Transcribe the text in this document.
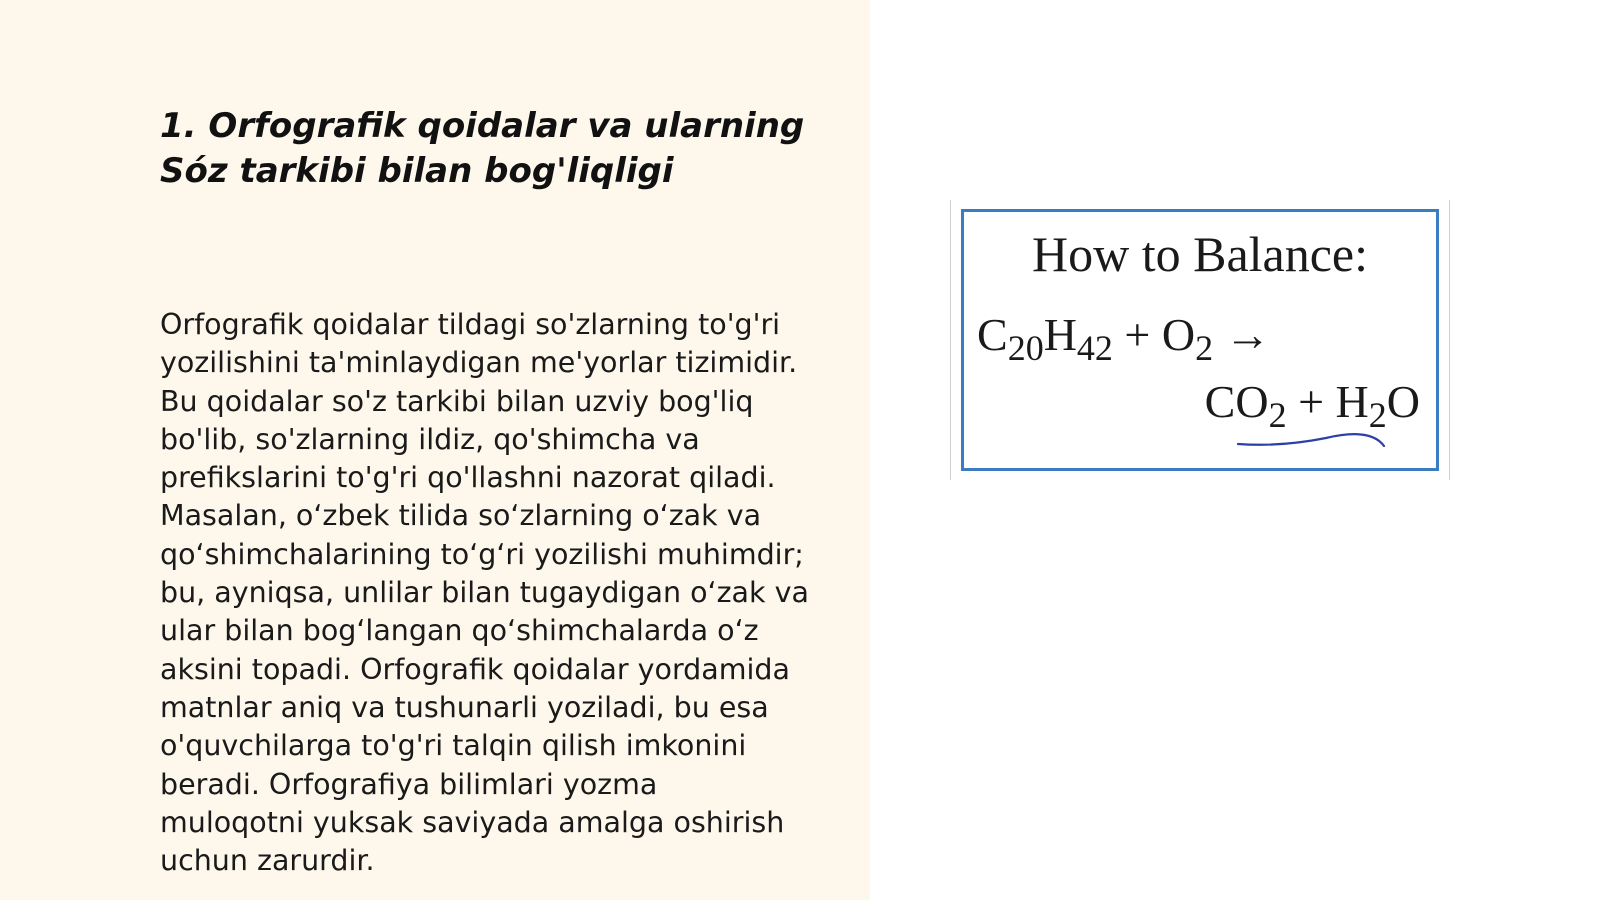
1. Orfografik qoidalar va ularning Sóz tarkibi bilan bog'liqligi

Orfografik qoidalar tildagi so'zlarning to'g'ri
yozilishini ta'minlaydigan me'yorlar tizimidir.
Bu qoidalar so'z tarkibi bilan uzviy bog'liq
bo'lib, so'zlarning ildiz, qo'shimcha va
prefikslarini to'g'ri qo'llashni nazorat qiladi.
Masalan, oʻzbek tilida soʻzlarning oʻzak va
qoʻshimchalarining toʻgʻri yozilishi muhimdir;
bu, ayniqsa, unlilar bilan tugaydigan oʻzak va
ular bilan bogʻlangan qoʻshimchalarda oʻz
aksini topadi. Orfografik qoidalar yordamida
matnlar aniq va tushunarli yoziladi, bu esa
o'quvchilarga to'g'ri talqin qilish imkonini
beradi. Orfografiya bilimlari yozma
muloqotni yuksak saviyada amalga oshirish
uchun zarurdir.

How to Balance:
$C_{20}H_{42} + O_2$ →
$CO_2 + H_2O$
